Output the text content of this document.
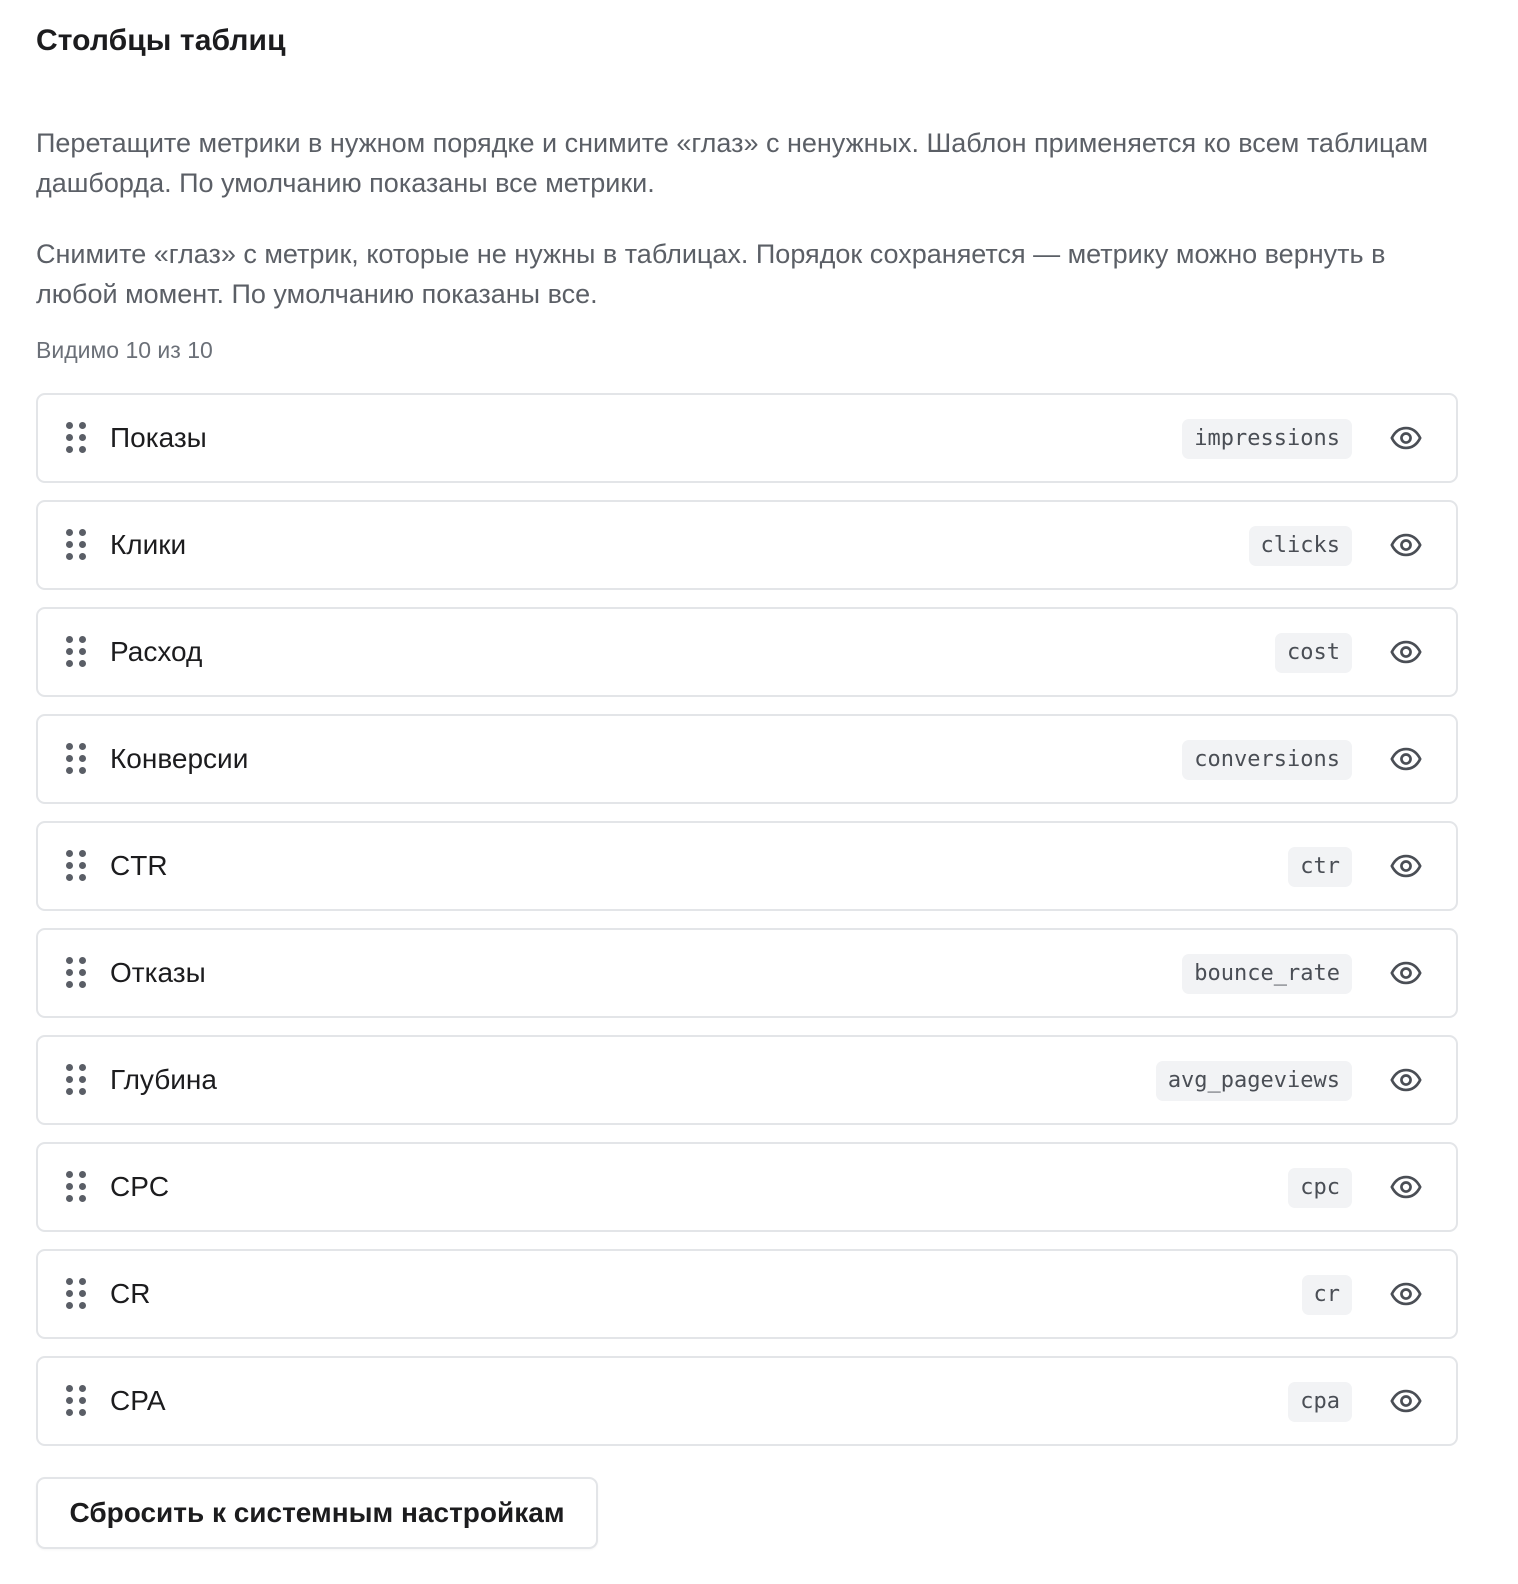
Столбцы таблиц

Перетащите метрики в нужном порядке и снимите «глаз» с ненужных. Шаблон применяется ко всем таблицам дашборда. По умолчанию показаны все метрики.

Снимите «глаз» с метрик, которые не нужны в таблицах. Порядок сохраняется — метрику можно вернуть в любой момент. По умолчанию показаны все.

Видимо 10 из 10
Показы	impressions
Клики	clicks
Расход	cost
Конверсии	conversions
CTR	ctr
Отказы	bounce_rate
Глубина	avg_pageviews
CPC	cpc
CR	cr
CPA	cpa
Сбросить к системным настройкам
